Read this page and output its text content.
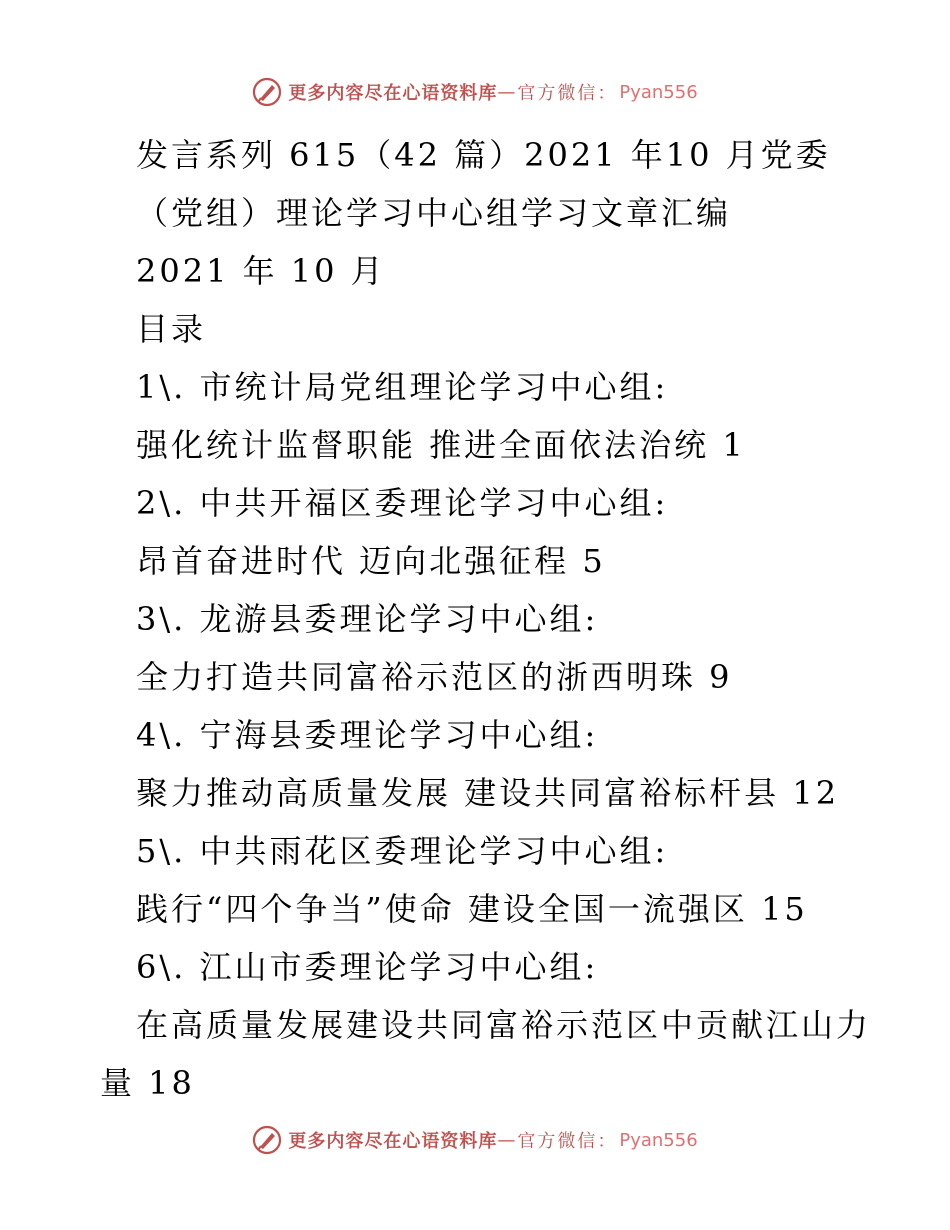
更多内容尽在心语资料库 — 官方微信： Pyan556
发言系列 615（42 篇）2021 年10 月党委
（党组）理论学习中心组学习文章汇编
2021 年 10 月
目录
1\. 市统计局党组理论学习中心组:
强化统计监督职能 推进全面依法治统 1
2\. 中共开福区委理论学习中心组:
昂首奋进时代 迈向北强征程 5
3\. 龙游县委理论学习中心组:
全力打造共同富裕示范区的浙西明珠 9
4\. 宁海县委理论学习中心组:
聚力推动高质量发展 建设共同富裕标杆县 12
5\. 中共雨花区委理论学习中心组:
践行“四个争当”使命 建设全国一流强区 15
6\. 江山市委理论学习中心组:
在高质量发展建设共同富裕示范区中贡献江山力
量 18
更多内容尽在心语资料库 — 官方微信： Pyan556
